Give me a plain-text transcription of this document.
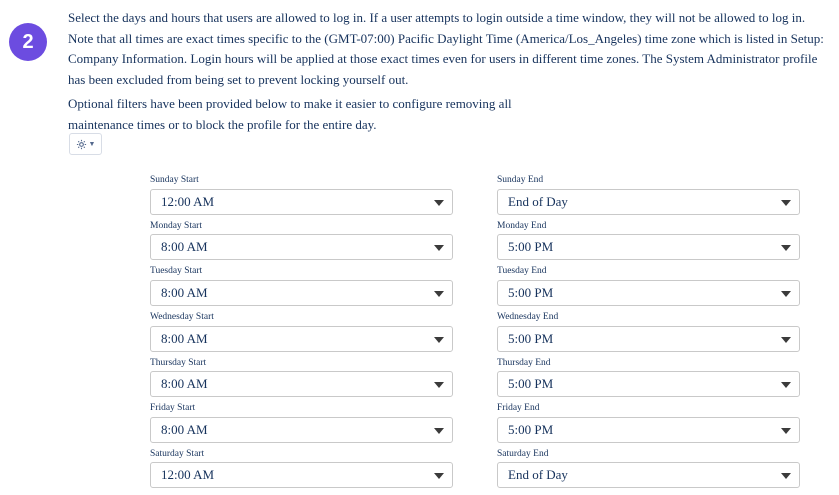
2

Select the days and hours that users are allowed to log in. If a user attempts to login outside a time window, they will not be allowed to log in. Note that all times are exact times specific to the (GMT-07:00) Pacific Daylight Time (America/Los_Angeles) time zone which is listed in Setup: Company Information. Login hours will be applied at those exact times even for users in different time zones. The System Administrator profile has been excluded from being set to prevent locking yourself out.

Optional filters have been provided below to make it easier to configure removing all maintenance times or to block the profile for the entire day.

▼
Sunday Start
12:00 AM
Sunday End
End of Day
Monday Start
8:00 AM
Monday End
5:00 PM
Tuesday Start
8:00 AM
Tuesday End
5:00 PM
Wednesday Start
8:00 AM
Wednesday End
5:00 PM
Thursday Start
8:00 AM
Thursday End
5:00 PM
Friday Start
8:00 AM
Friday End
5:00 PM
Saturday Start
12:00 AM
Saturday End
End of Day
